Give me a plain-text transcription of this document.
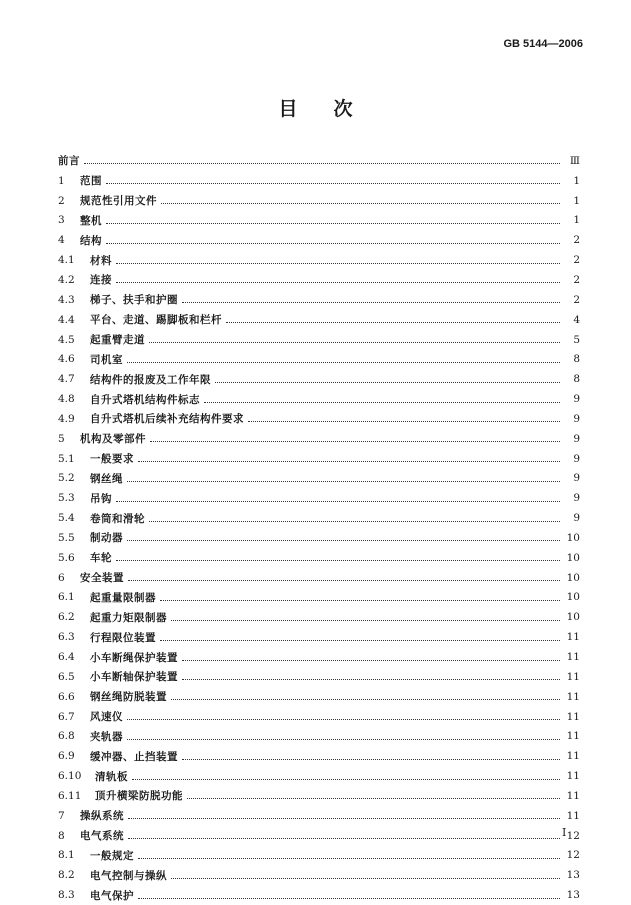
GB 5144—2006
目次
前言	Ⅲ
1	范围	1
2	规范性引用文件	1
3	整机	1
4	结构	2
4.1	材料	2
4.2	连接	2
4.3	梯子、扶手和护圈	2
4.4	平台、走道、踢脚板和栏杆	4
4.5	起重臂走道	5
4.6	司机室	8
4.7	结构件的报废及工作年限	8
4.8	自升式塔机结构件标志	9
4.9	自升式塔机后续补充结构件要求	9
5	机构及零部件	9
5.1	一般要求	9
5.2	钢丝绳	9
5.3	吊钩	9
5.4	卷筒和滑轮	9
5.5	制动器	10
5.6	车轮	10
6	安全装置	10
6.1	起重量限制器	10
6.2	起重力矩限制器	10
6.3	行程限位装置	11
6.4	小车断绳保护装置	11
6.5	小车断轴保护装置	11
6.6	钢丝绳防脱装置	11
6.7	风速仪	11
6.8	夹轨器	11
6.9	缓冲器、止挡装置	11
6.10	清轨板	11
6.11	顶升横梁防脱功能	11
7	操纵系统	11
8	电气系统	12
8.1	一般规定	12
8.2	电气控制与操纵	13
8.3	电气保护	13
I
